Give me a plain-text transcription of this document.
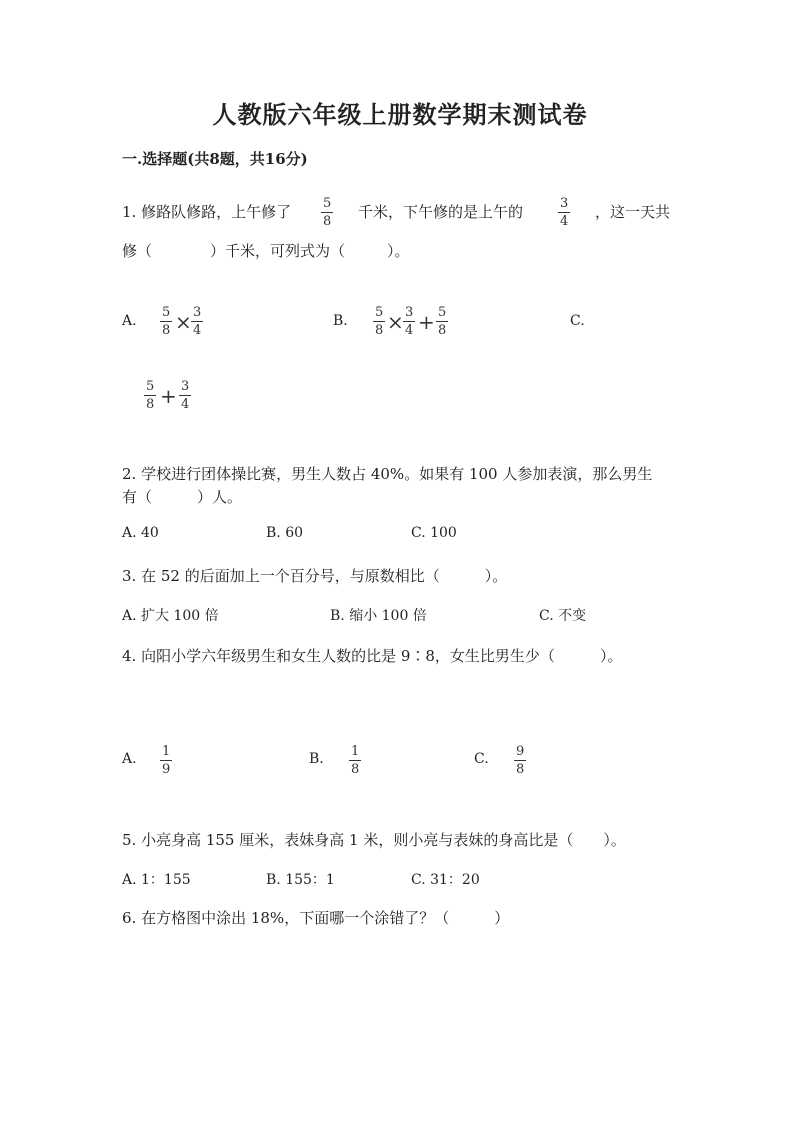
人教版六年级上册数学期末测试卷
一.选择题(共8题，共16分)
1. 修路队修路，上午修了 $\frac{5}{8}$ 千米，下午修的是上午的	$\frac{3}{4}$ ，这一天共
修（	）千米，可列式为（	）。
A. $\frac{5}{8} \times \frac{3}{4}$	B. $\frac{5}{8} \times \frac{3}{4} + \frac{5}{8}$	C.
$\frac{5}{8} + \frac{3}{4}$
2. 学校进行团体操比赛，男生人数占 40%。如果有 100 人参加表演，那么男生
有（　　　）人。
A. 40	B. 60	C. 100
3. 在 52 的后面加上一个百分号，与原数相比（　　　）。
A. 扩大 100 倍	B. 缩小 100 倍	C. 不变
4. 向阳小学六年级男生和女生人数的比是 9∶8，女生比男生少（　　　）。
A. $\frac{1}{9}$	B. $\frac{1}{8}$	C. $\frac{9}{8}$
5. 小亮身高 155 厘米，表妹身高 1 米，则小亮与表妹的身高比是（　　）。
A. 1：155	B. 155：1	C. 31：20
6. 在方格图中涂出 18%，下面哪一个涂错了？（　　　）
